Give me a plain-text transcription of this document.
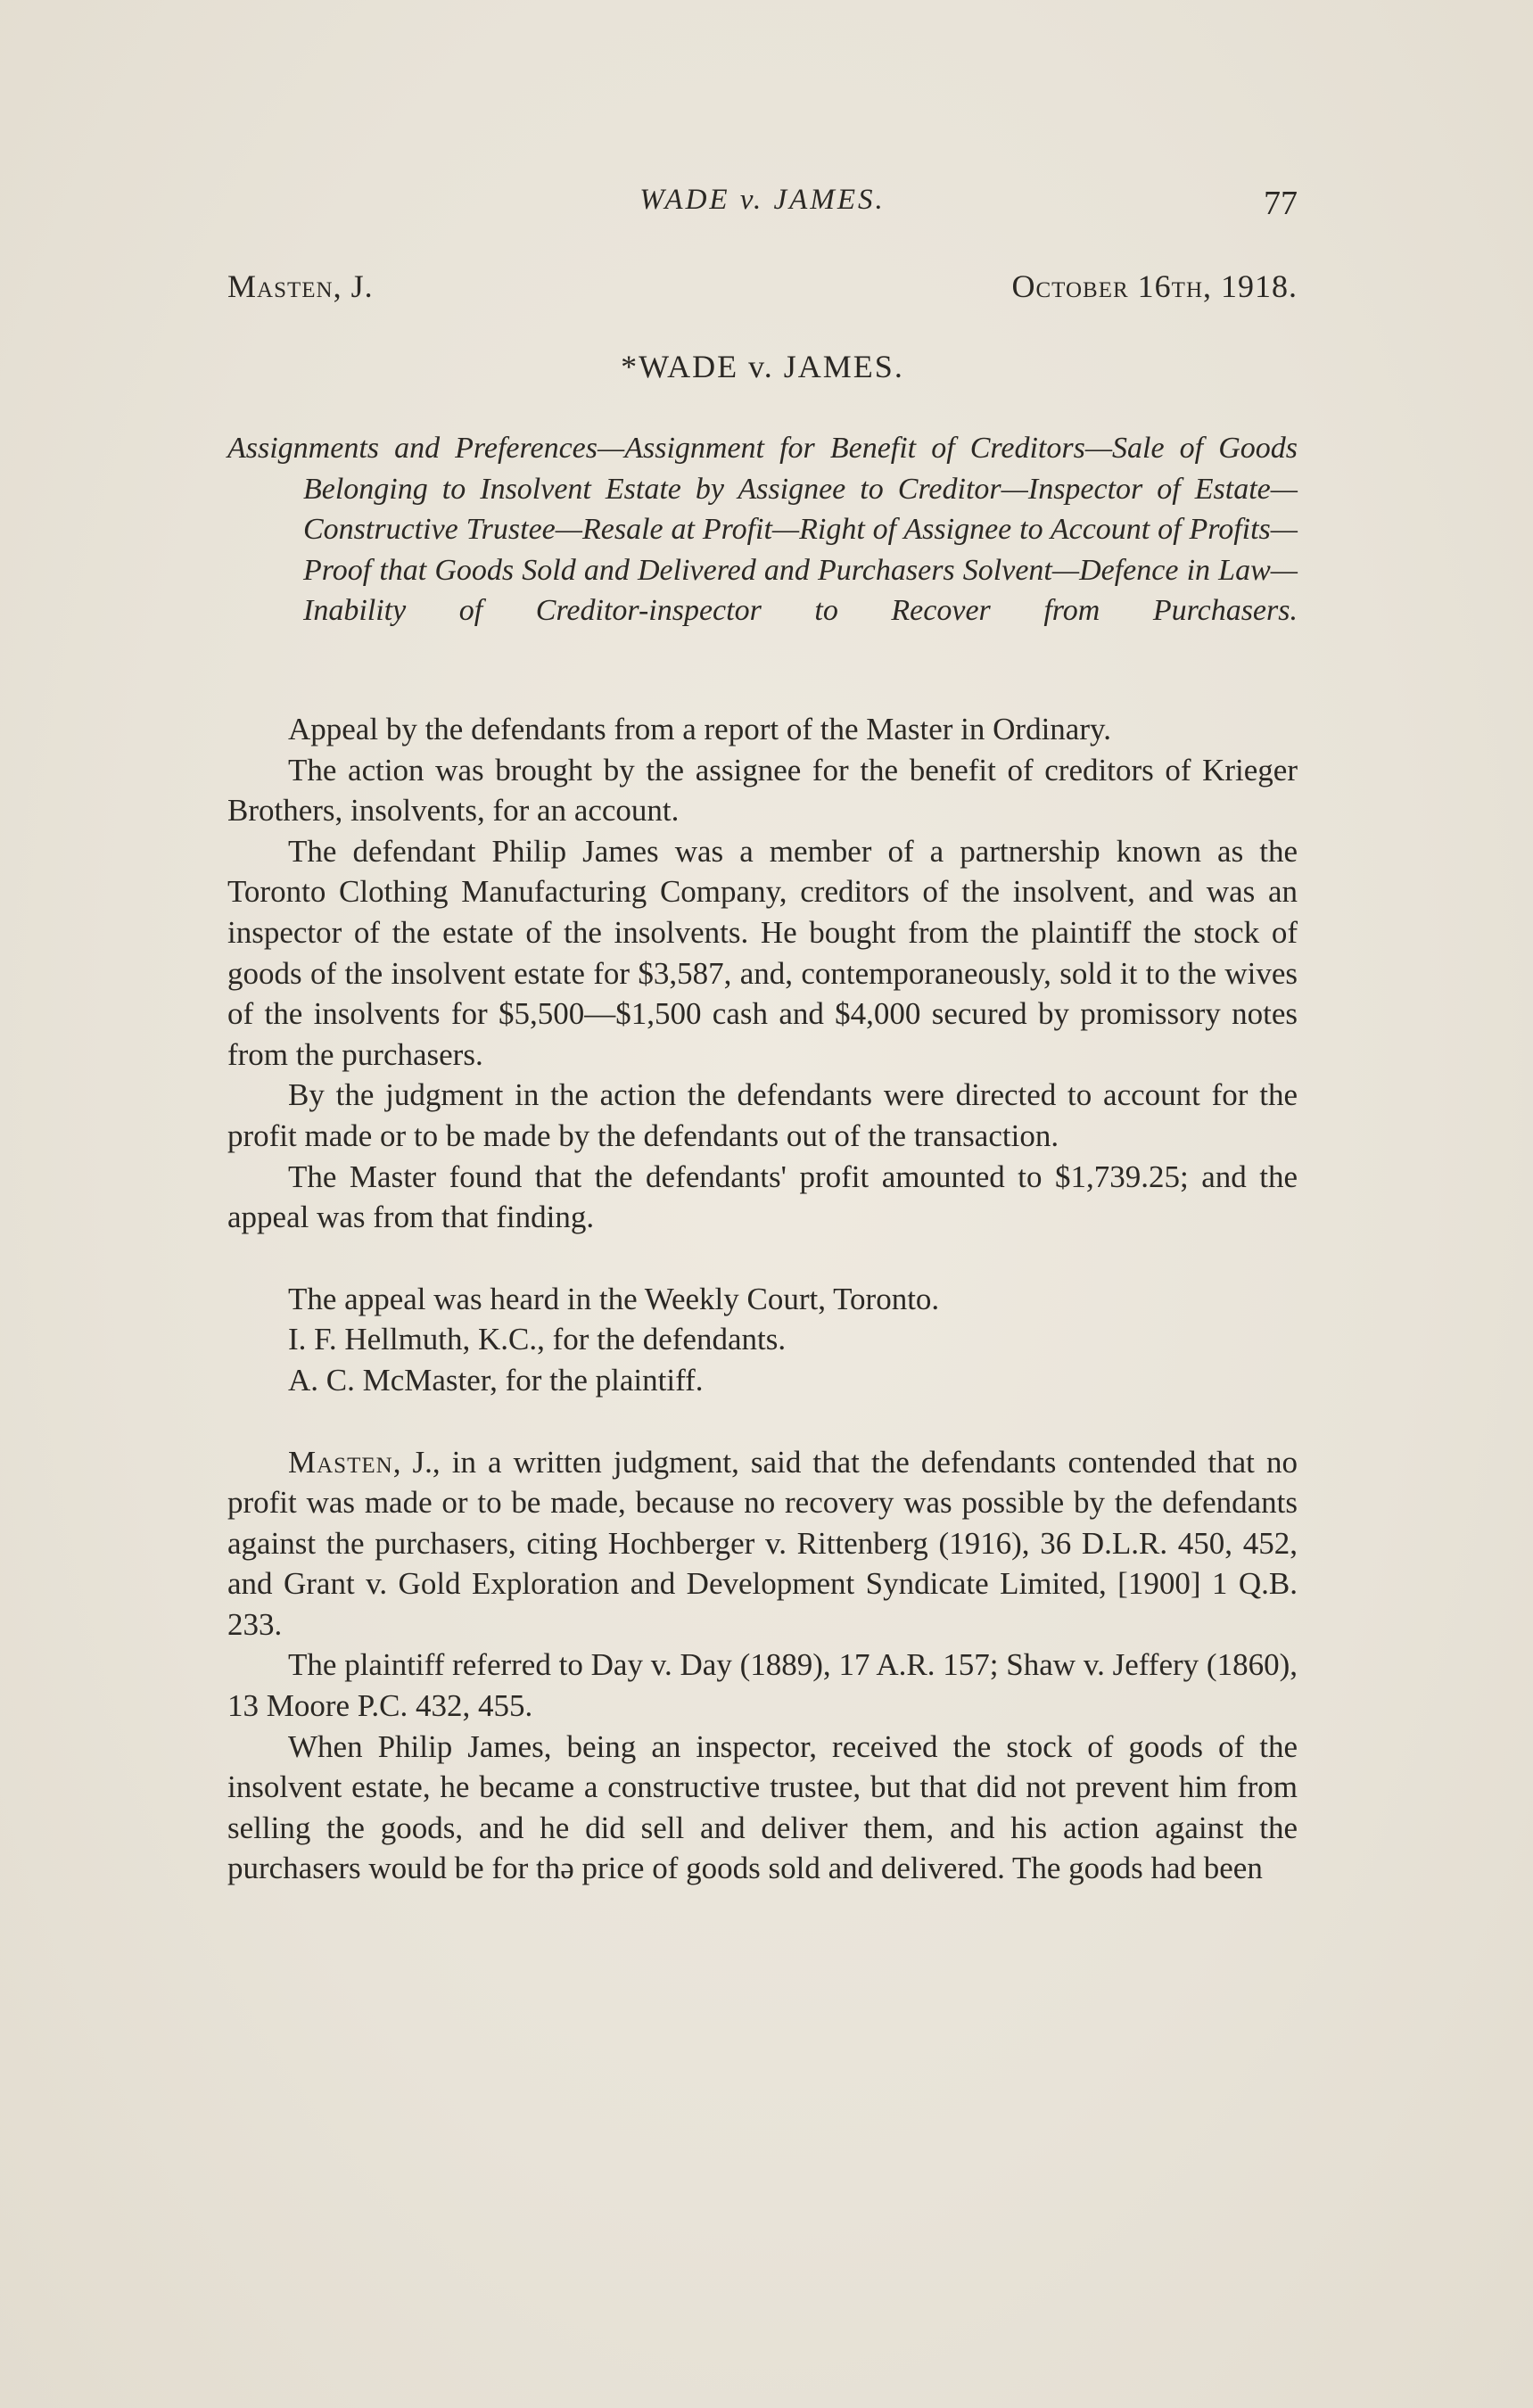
WADE v. JAMES.	77
Masten, J.	October 16th, 1918.
*WADE v. JAMES.
Assignments and Preferences—Assignment for Benefit of Creditors—Sale of Goods Belonging to Insolvent Estate by Assignee to Creditor—Inspector of Estate—Constructive Trustee—Resale at Profit—Right of Assignee to Account of Profits—Proof that Goods Sold and Delivered and Purchasers Solvent—Defence in Law—Inability of Creditor-inspector to Recover from Purchasers.

Appeal by the defendants from a report of the Master in Ordinary.

The action was brought by the assignee for the benefit of creditors of Krieger Brothers, insolvents, for an account.

The defendant Philip James was a member of a partnership known as the Toronto Clothing Manufacturing Company, creditors of the insolvent, and was an inspector of the estate of the insolvents. He bought from the plaintiff the stock of goods of the insolvent estate for $3,587, and, contemporaneously, sold it to the wives of the insolvents for $5,500—$1,500 cash and $4,000 secured by promissory notes from the purchasers.

By the judgment in the action the defendants were directed to account for the profit made or to be made by the defendants out of the transaction.

The Master found that the defendants' profit amounted to $1,739.25; and the appeal was from that finding.

The appeal was heard in the Weekly Court, Toronto.

I. F. Hellmuth, K.C., for the defendants.

A. C. McMaster, for the plaintiff.

Masten, J., in a written judgment, said that the defendants contended that no profit was made or to be made, because no recovery was possible by the defendants against the purchasers, citing Hochberger v. Rittenberg (1916), 36 D.L.R. 450, 452, and Grant v. Gold Exploration and Development Syndicate Limited, [1900] 1 Q.B. 233.

The plaintiff referred to Day v. Day (1889), 17 A.R. 157; Shaw v. Jeffery (1860), 13 Moore P.C. 432, 455.

When Philip James, being an inspector, received the stock of goods of the insolvent estate, he became a constructive trustee, but that did not prevent him from selling the goods, and he did sell and deliver them, and his action against the purchasers would be for thə price of goods sold and delivered. The goods had been
